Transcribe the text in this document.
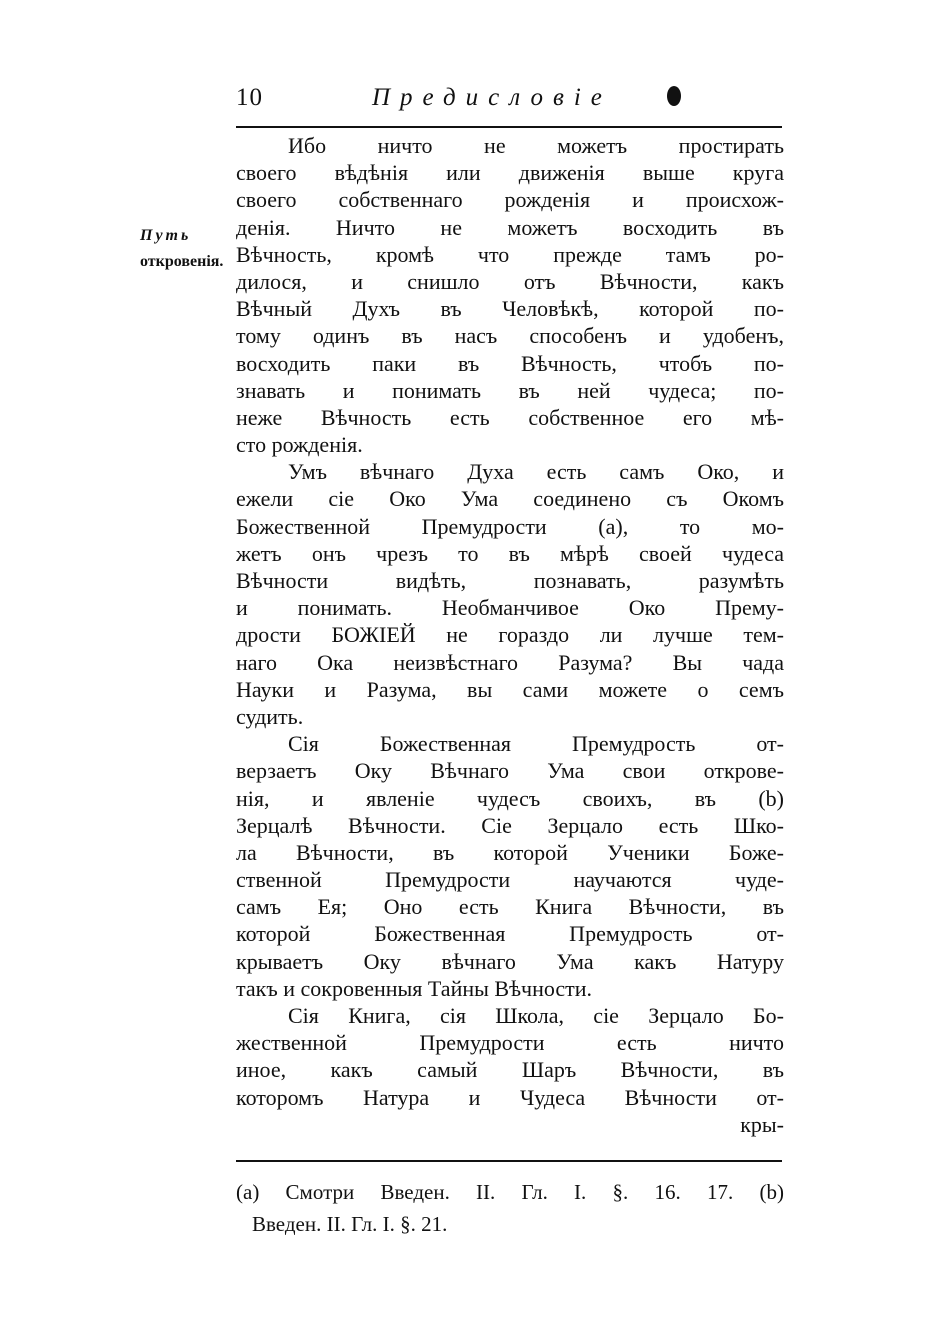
10	Предисловiе
Путь
откровенiя.
Ибо ничто не можетъ простирать
своего вѣдѣнiя или движенiя выше круга
своего собственнаго рожденiя и происхож-
денiя. Ничто не можетъ восходить въ
Вѣчность, кромѣ что прежде тамъ ро-
дилося, и снишло отъ Вѣчности, какъ
Вѣчный Духъ въ Человѣкѣ, которой по-
тому одинъ въ насъ способенъ и удобенъ,
восходить паки въ Вѣчность, чтобъ по-
знавать и понимать въ ней чудеса; по-
неже Вѣчность есть собственное его мѣ-
сто рожденiя.
Умъ вѣчнаго Духа есть самъ Око, и
ежели сiе Око Ума соединено съ Окомъ
Божественной Премудрости (a), то мо-
жетъ онъ чрезъ то въ мѣрѣ своей чудеса
Вѣчности видѣть, познавать, разумѣть
и понимать. Необманчивое Око Прему-
дрости БОЖIЕЙ не гораздо ли лучше тем-
наго Ока неизвѣстнаго Разума? Вы чада
Науки и Разума, вы сами можете о семъ
судить.
Сiя Божественная Премудрость от-
верзаетъ Оку Вѣчнаго Ума свои открове-
нiя, и явленiе чудесъ своихъ, въ (b)
Зерцалѣ Вѣчности. Сiе Зерцало есть Шко-
ла Вѣчности, въ которой Ученики Боже-
ственной Премудрости научаются чуде-
самъ Ея; Оно есть Книга Вѣчности, въ
которой Божественная Премудрость от-
крываетъ Оку вѣчнаго Ума какъ Натуру
такъ и сокровенныя Тайны Вѣчности.
Сiя Книга, сiя Школа, сiе Зерцало Бо-
жественной Премудрости есть ничто
иное, какъ самый Шаръ Вѣчности, въ
которомъ Натура и Чудеса Вѣчности от-
кры-
(a) Смотри Введен. II. Гл. I. §. 16. 17. (b)
Введен. II. Гл. I. §. 21.
